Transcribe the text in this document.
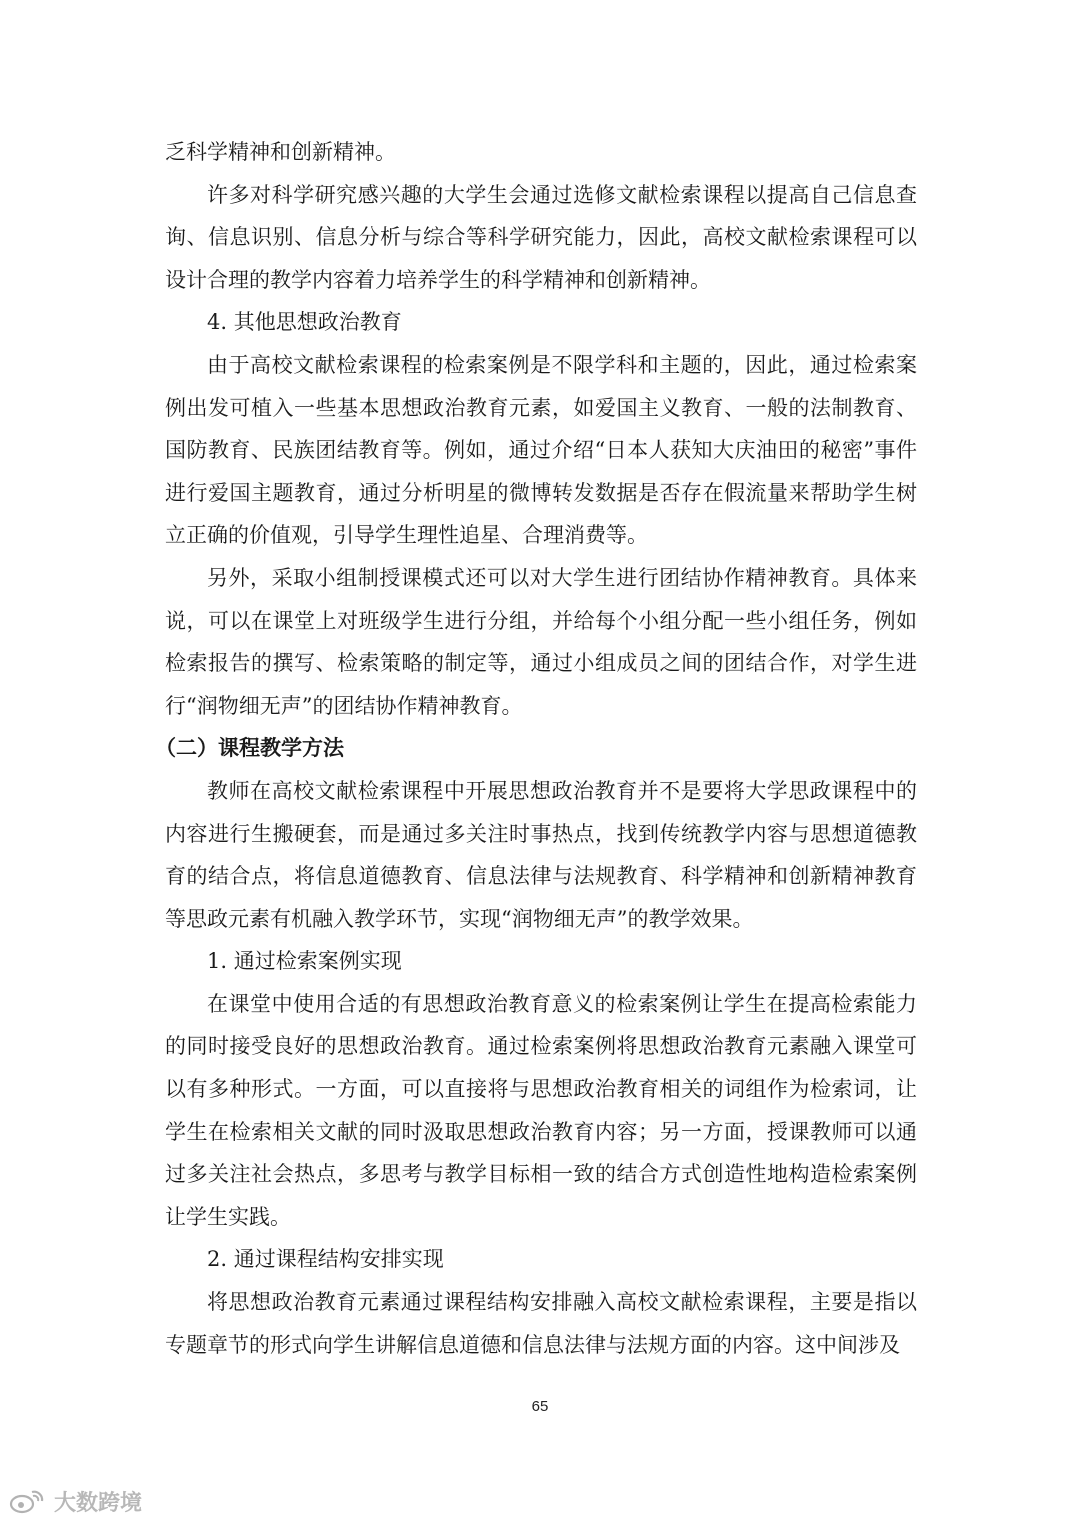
乏科学精神和创新精神。

许多对科学研究感兴趣的大学生会通过选修文献检索课程以提高自己信息查询、信息识别、信息分析与综合等科学研究能力，因此，高校文献检索课程可以设计合理的教学内容着力培养学生的科学精神和创新精神。

4. 其他思想政治教育

由于高校文献检索课程的检索案例是不限学科和主题的，因此，通过检索案例出发可植入一些基本思想政治教育元素，如爱国主义教育、一般的法制教育、国防教育、民族团结教育等。例如，通过介绍“日本人获知大庆油田的秘密”事件进行爱国主题教育，通过分析明星的微博转发数据是否存在假流量来帮助学生树立正确的价值观，引导学生理性追星、合理消费等。

另外，采取小组制授课模式还可以对大学生进行团结协作精神教育。具体来说，可以在课堂上对班级学生进行分组，并给每个小组分配一些小组任务，例如检索报告的撰写、检索策略的制定等，通过小组成员之间的团结合作，对学生进行“润物细无声”的团结协作精神教育。

（二）课程教学方法

教师在高校文献检索课程中开展思想政治教育并不是要将大学思政课程中的内容进行生搬硬套，而是通过多关注时事热点，找到传统教学内容与思想道德教育的结合点，将信息道德教育、信息法律与法规教育、科学精神和创新精神教育等思政元素有机融入教学环节，实现“润物细无声”的教学效果。

1. 通过检索案例实现

在课堂中使用合适的有思想政治教育意义的检索案例让学生在提高检索能力的同时接受良好的思想政治教育。通过检索案例将思想政治教育元素融入课堂可以有多种形式。一方面，可以直接将与思想政治教育相关的词组作为检索词，让学生在检索相关文献的同时汲取思想政治教育内容；另一方面，授课教师可以通过多关注社会热点，多思考与教学目标相一致的结合方式创造性地构造检索案例让学生实践。

2. 通过课程结构安排实现

将思想政治教育元素通过课程结构安排融入高校文献检索课程，主要是指以专题章节的形式向学生讲解信息道德和信息法律与法规方面的内容。这中间涉及

65
大数跨境
